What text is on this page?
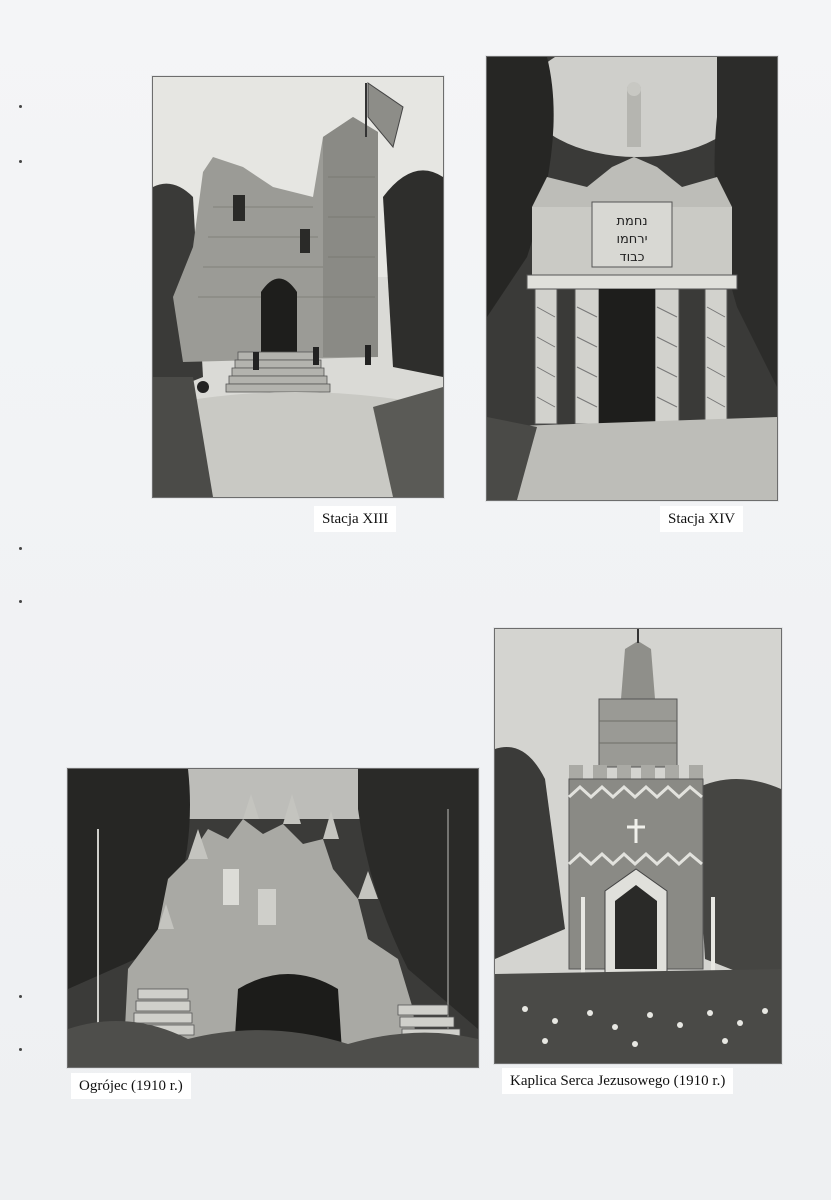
Stacja XIII
נחמת
ירחמו
כבוד
Stacja XIV
Ogrójec (1910 r.)	Kaplica Serca Jezusowego (1910 r.)
